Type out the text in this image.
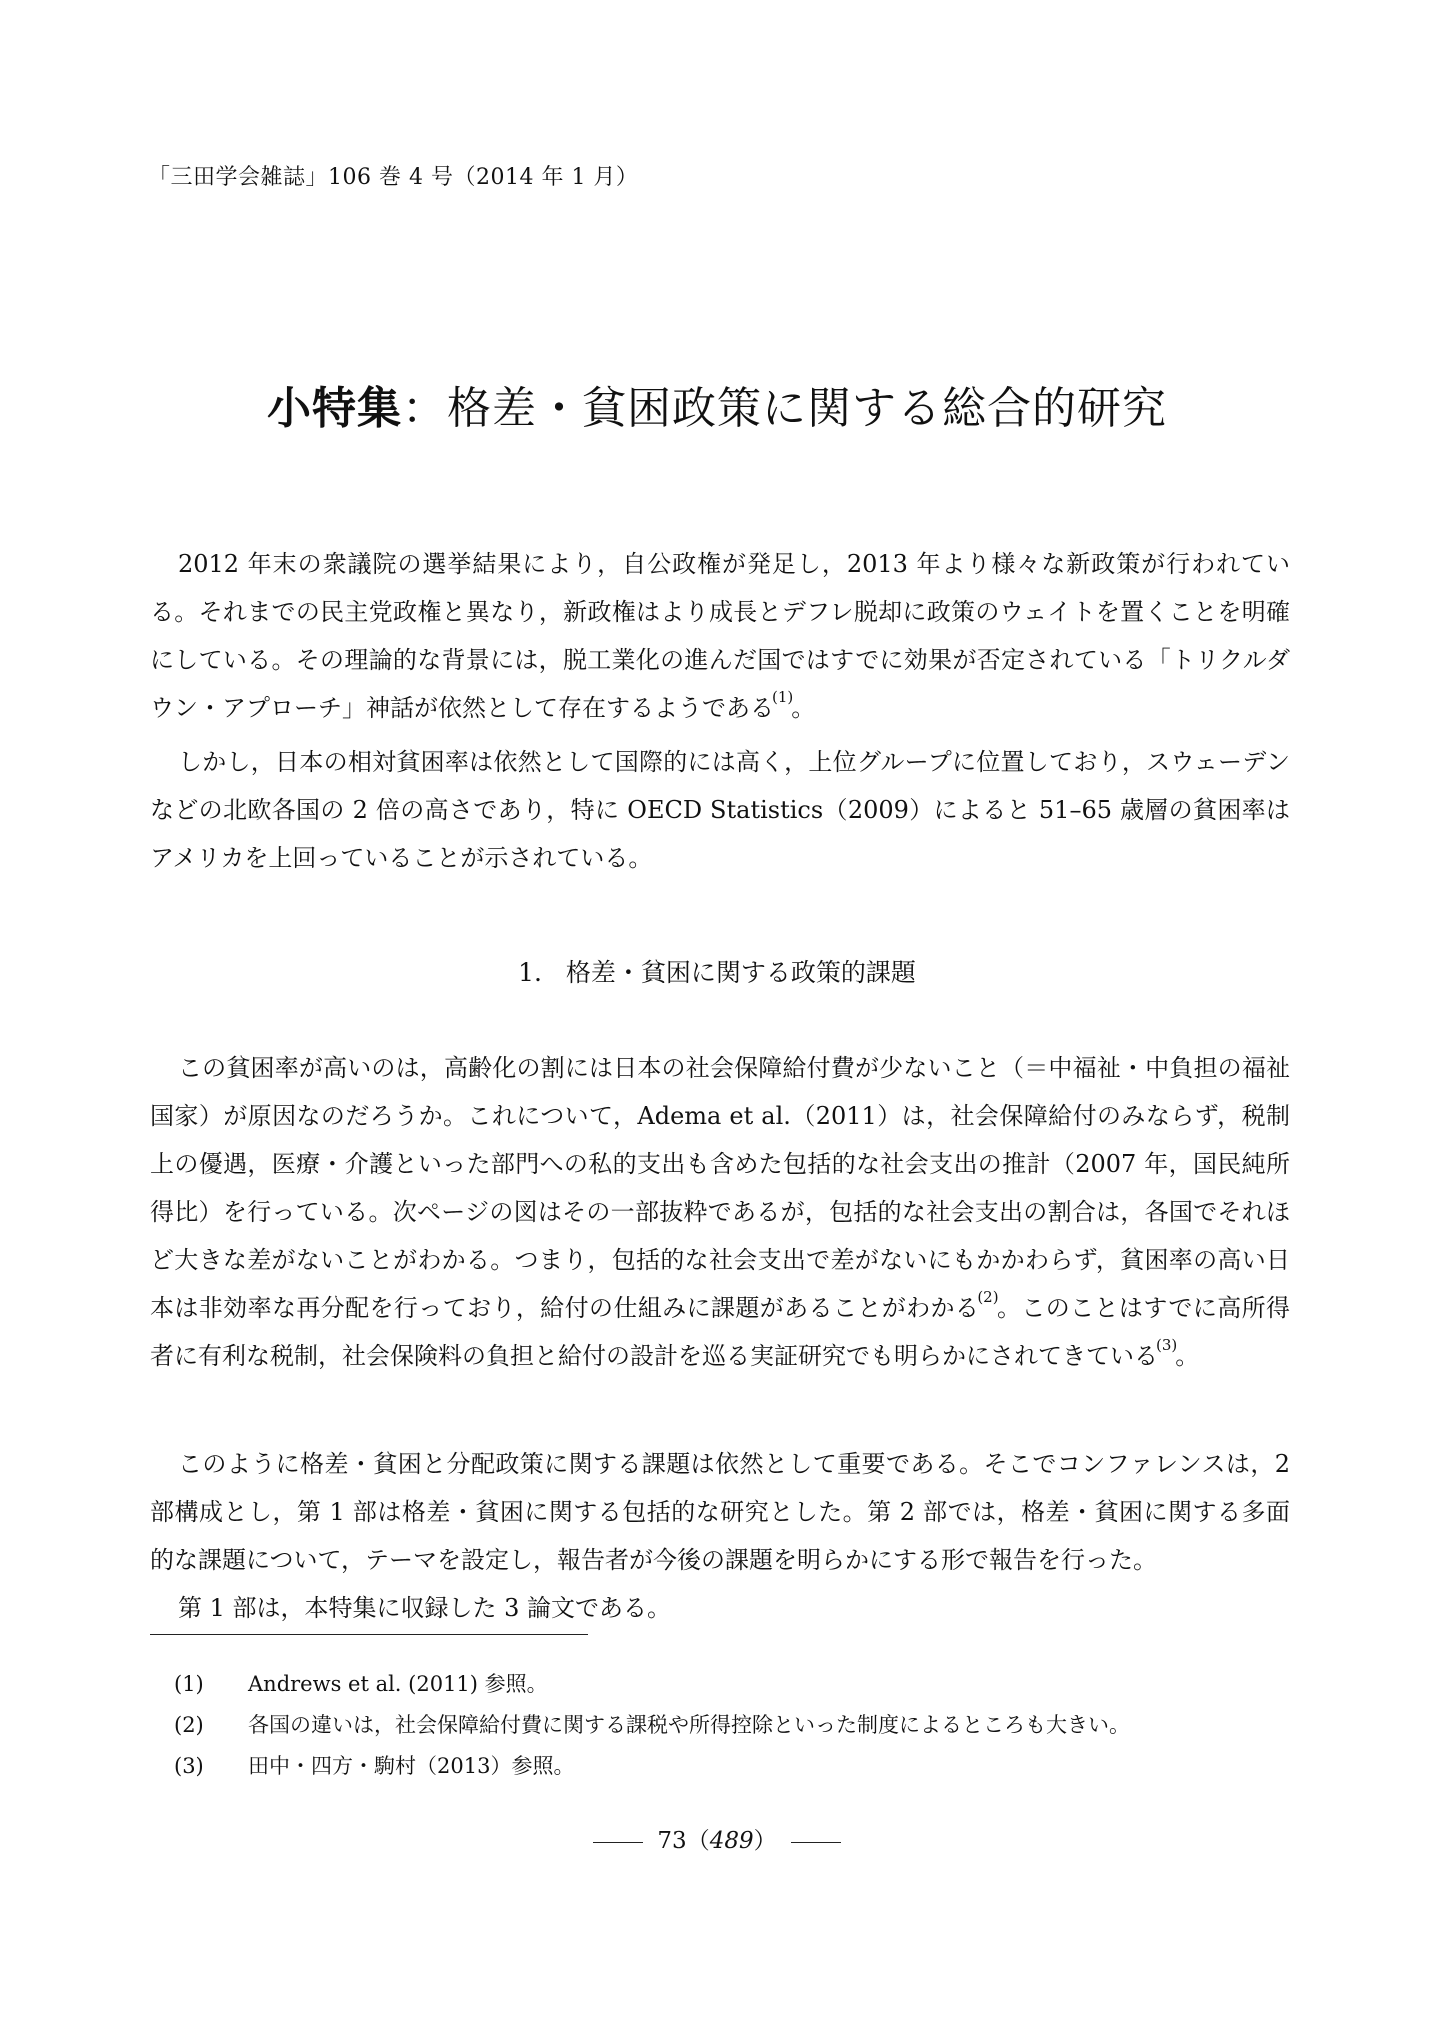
「三田学会雑誌」106 巻 4 号（2014 年 1 月）
小特集：格差・貧困政策に関する総合的研究

2012 年末の衆議院の選挙結果により，自公政権が発足し，2013 年より様々な新政策が行われている。それまでの民主党政権と異なり，新政権はより成長とデフレ脱却に政策のウェイトを置くことを明確にしている。その理論的な背景には，脱工業化の進んだ国ではすでに効果が否定されている「トリクルダウン・アプローチ」神話が依然として存在するようである$^{(1)}$。

しかし，日本の相対貧困率は依然として国際的には高く，上位グループに位置しており，スウェーデンなどの北欧各国の 2 倍の高さであり，特に OECD Statistics（2009）によると 51–65 歳層の貧困率はアメリカを上回っていることが示されている。

1. 格差・貧困に関する政策的課題

この貧困率が高いのは，高齢化の割には日本の社会保障給付費が少ないこと（＝中福祉・中負担の福祉国家）が原因なのだろうか。これについて，Adema et al.（2011）は，社会保障給付のみならず，税制上の優遇，医療・介護といった部門への私的支出も含めた包括的な社会支出の推計（2007 年，国民純所得比）を行っている。次ページの図はその一部抜粋であるが，包括的な社会支出の割合は，各国でそれほど大きな差がないことがわかる。つまり，包括的な社会支出で差がないにもかかわらず，貧困率の高い日本は非効率な再分配を行っており，給付の仕組みに課題があることがわかる$^{(2)}$。このことはすでに高所得者に有利な税制，社会保険料の負担と給付の設計を巡る実証研究でも明らかにされてきている$^{(3)}$。

このように格差・貧困と分配政策に関する課題は依然として重要である。そこでコンファレンスは，2 部構成とし，第 1 部は格差・貧困に関する包括的な研究とした。第 2 部では，格差・貧困に関する多面的な課題について，テーマを設定し，報告者が今後の課題を明らかにする形で報告を行った。

第 1 部は，本特集に収録した 3 論文である。

(1)	Andrews et al. (2011) 参照。
(2)	各国の違いは，社会保障給付費に関する課税や所得控除といった制度によるところも大きい。
(3)	田中・四方・駒村（2013）参照。
73（489）
